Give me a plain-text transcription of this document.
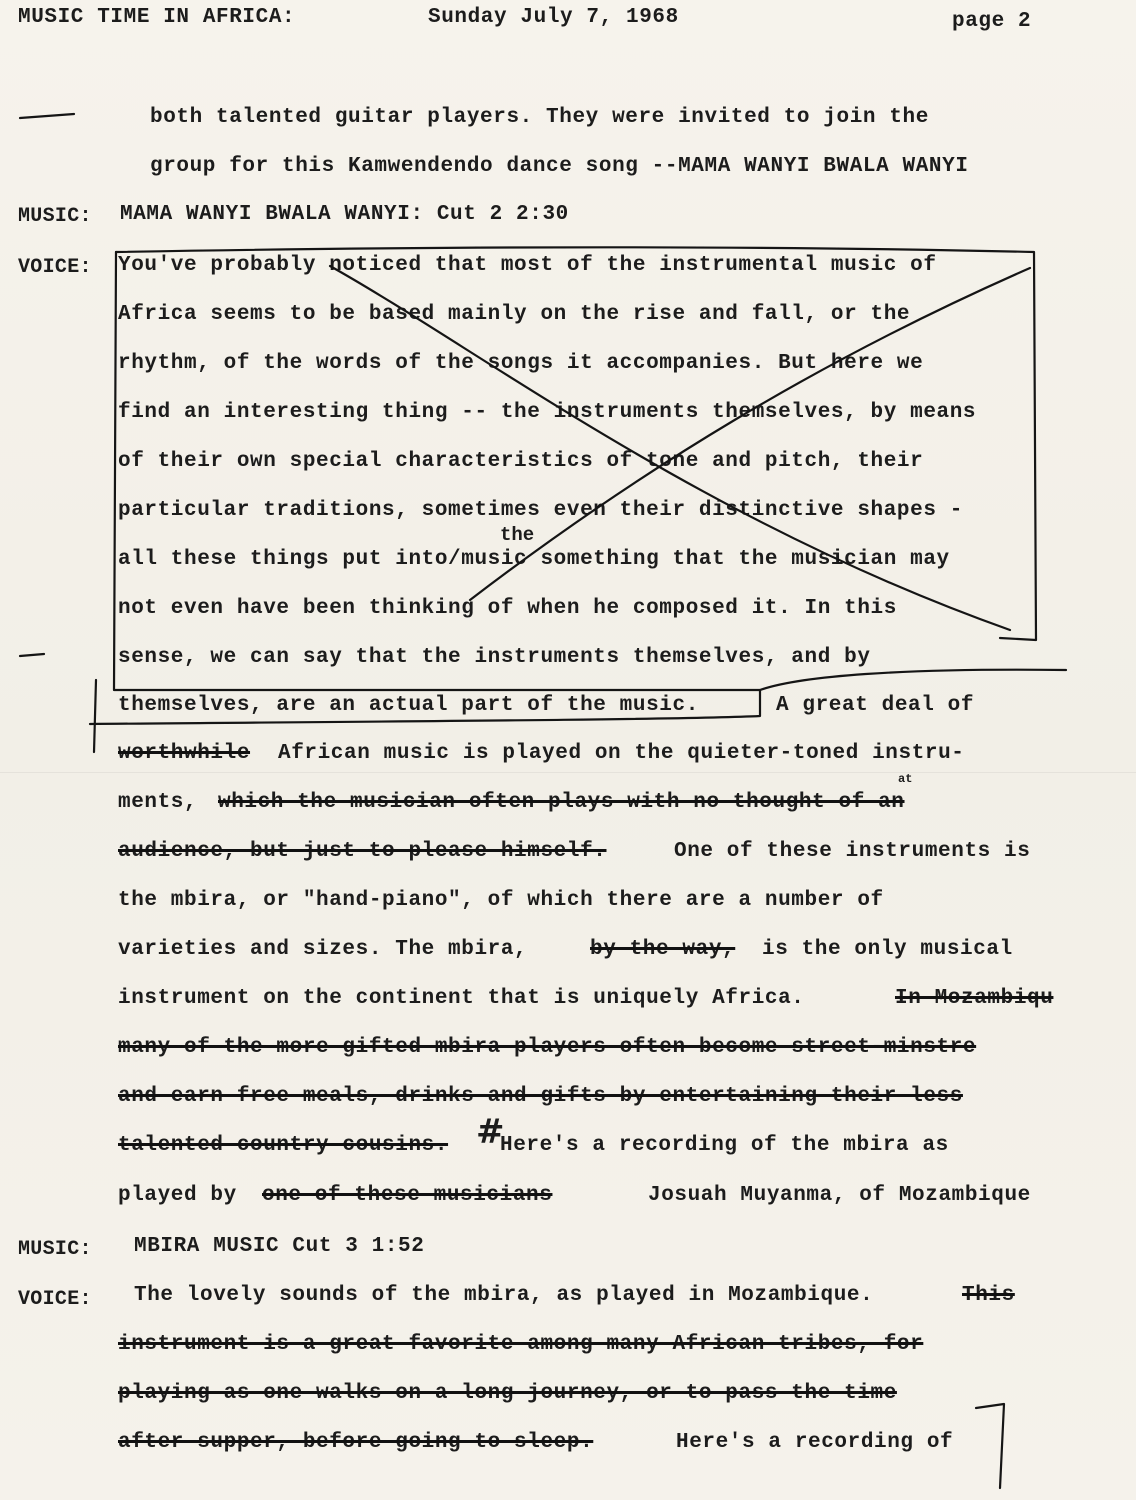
MUSIC TIME IN AFRICA:	Sunday July 7, 1968	page 2
both talented guitar players. They were invited to join the
group for this Kamwendendo dance song --MAMA WANYI BWALA WANYI
MUSIC: MAMA WANYI BWALA WANYI: Cut 2 2:30
VOICE: You've probably noticed that most of the instrumental music of
Africa seems to be based mainly on the rise and fall, or the
rhythm, of the words of the songs it accompanies. But here we
find an interesting thing -- the instruments themselves, by means
of their own special characteristics of tone and pitch, their
particular traditions, sometimes even their distinctive shapes -
the
all these things put into/music something that the musician may
not even have been thinking of when he composed it. In this
sense, we can say that the instruments themselves, and by
themselves, are an actual part of the music.	A great deal of
worthwhile African music is played on the quieter-toned instru-
at
ments, which the musician often plays with no thought of an
audience, but just to please himself.	One of these instruments is
the mbira, or "hand-piano", of which there are a number of
varieties and sizes. The mbira,	by the way, is the only musical
instrument on the continent that is uniquely Africa.	In Mozambiqu
many of the more gifted mbira players often become street-minstre
and earn free meals, drinks and gifts by entertaining their less
talented country cousins. #
Here's a recording of the mbira as
played by one of these musicians	Josuah Muyanma, of Mozambique
MUSIC: MBIRA MUSIC Cut 3 1:52
VOICE: The lovely sounds of the mbira, as played in Mozambique.	This
instrument is a great favorite among many African tribes, for
playing as one walks on a long journey, or to pass the time
after supper, before going to sleep.	Here's a recording of
